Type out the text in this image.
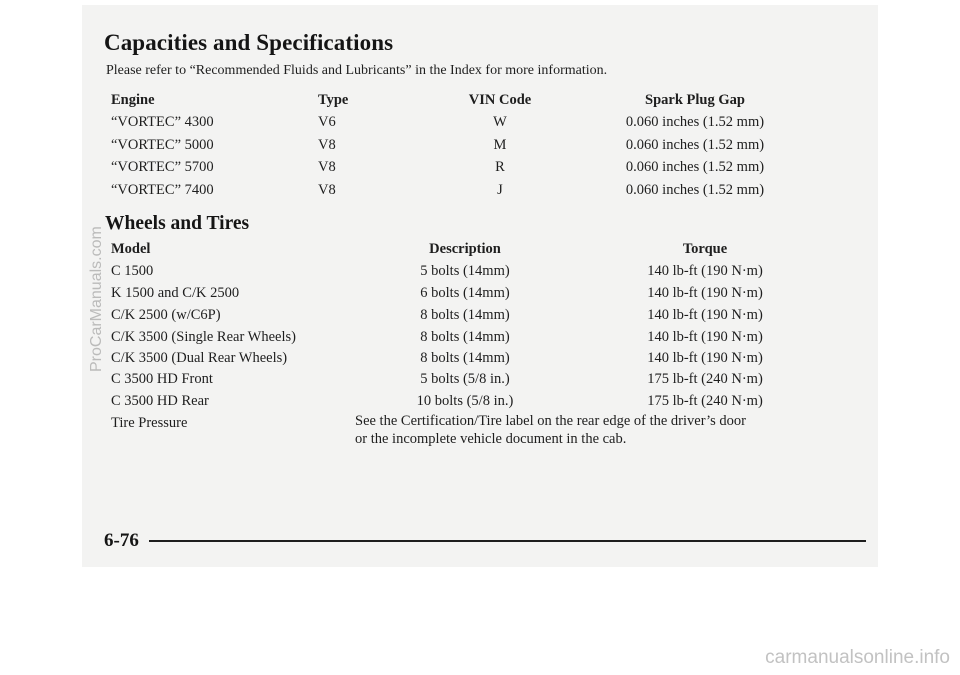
Capacities and Specifications
Please refer to “Recommended Fluids and Lubricants” in the Index for more information.
Engine	Type	VIN Code	Spark Plug Gap
“VORTEC” 4300	V6	W	0.060 inches (1.52 mm)
“VORTEC” 5000	V8	M	0.060 inches (1.52 mm)
“VORTEC” 5700	V8	R	0.060 inches (1.52 mm)
“VORTEC” 7400	V8	J	0.060 inches (1.52 mm)
Wheels and Tires
Model	Description	Torque
C 1500	5 bolts (14mm)	140 lb-ft (190 N·m)
K 1500 and C/K 2500	6 bolts (14mm)	140 lb-ft (190 N·m)
C/K 2500 (w/C6P)	8 bolts (14mm)	140 lb-ft (190 N·m)
C/K 3500 (Single Rear Wheels)	8 bolts (14mm)	140 lb-ft (190 N·m)
C/K 3500 (Dual Rear Wheels)	8 bolts (14mm)	140 lb-ft (190 N·m)
C 3500 HD Front	5 bolts (5/8 in.)	175 lb-ft (240 N·m)
C 3500 HD Rear	10 bolts (5/8 in.)	175 lb-ft (240 N·m)
Tire Pressure	See the Certification/Tire label on the rear edge of the driver’s door
or the incomplete vehicle document in the cab.
6-76
ProCarManuals.com
carmanualsonline.info
